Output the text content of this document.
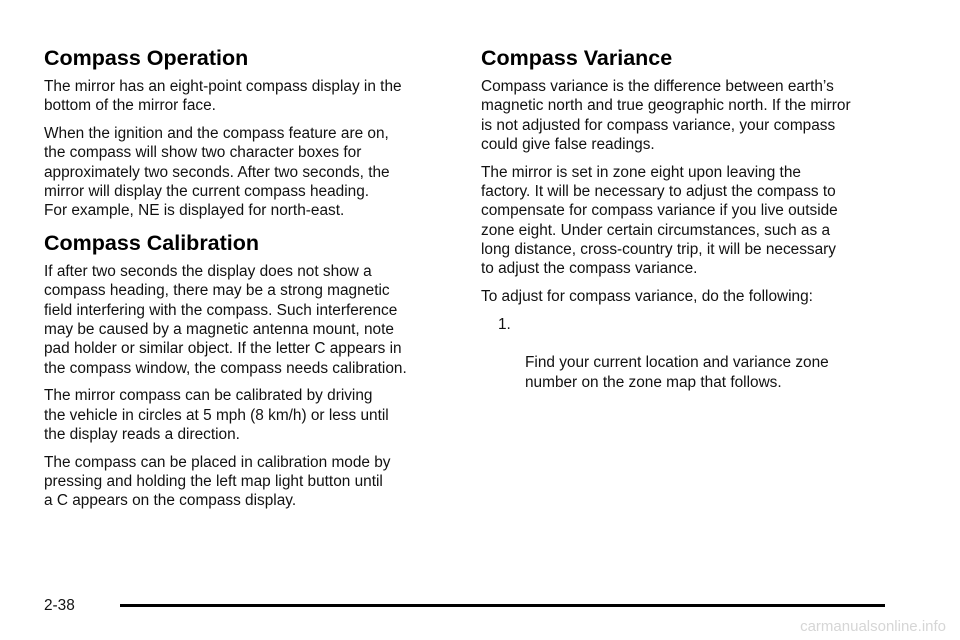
Compass Operation

The mirror has an eight-point compass display in the
bottom of the mirror face.

When the ignition and the compass feature are on,
the compass will show two character boxes for
approximately two seconds. After two seconds, the
mirror will display the current compass heading.
For example, NE is displayed for north-east.

Compass Calibration

If after two seconds the display does not show a
compass heading, there may be a strong magnetic
field interfering with the compass. Such interference
may be caused by a magnetic antenna mount, note
pad holder or similar object. If the letter C appears in
the compass window, the compass needs calibration.

The mirror compass can be calibrated by driving
the vehicle in circles at 5 mph (8 km/h) or less until
the display reads a direction.

The compass can be placed in calibration mode by
pressing and holding the left map light button until
a C appears on the compass display.

Compass Variance

Compass variance is the difference between earth’s
magnetic north and true geographic north. If the mirror
is not adjusted for compass variance, your compass
could give false readings.

The mirror is set in zone eight upon leaving the
factory. It will be necessary to adjust the compass to
compensate for compass variance if you live outside
zone eight. Under certain circumstances, such as a
long distance, cross-country trip, it will be necessary
to adjust the compass variance.

To adjust for compass variance, do the following:

1.

Find your current location and variance zone
number on the zone map that follows.

2-38

carmanualsonline.info
